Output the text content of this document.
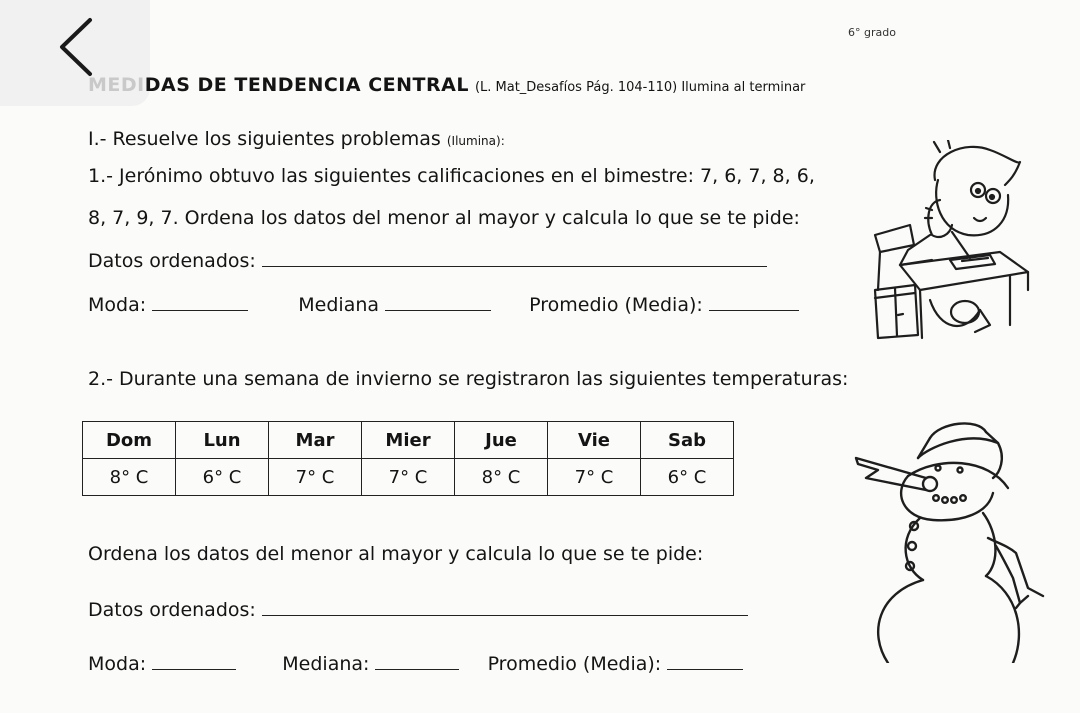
6° grado
MEDIDAS DE TENDENCIA CENTRAL (L. Mat_Desafíos Pág. 104-110) Ilumina al terminar
I.- Resuelve los siguientes problemas (Ilumina):
1.- Jerónimo obtuvo las siguientes calificaciones en el bimestre: 7, 6, 7, 8, 6,
8, 7, 9, 7. Ordena los datos del menor al mayor y calcula lo que se te pide:
Datos ordenados:
Moda:	Mediana	Promedio (Media):
2.- Durante una semana de invierno se registraron las siguientes temperaturas:
Dom	Lun	Mar	Mier	Jue	Vie	Sab
8° C	6° C	7° C	7° C	8° C	7° C	6° C
Ordena los datos del menor al mayor y calcula lo que se te pide:
Datos ordenados:
Moda:	Mediana:	Promedio (Media):
